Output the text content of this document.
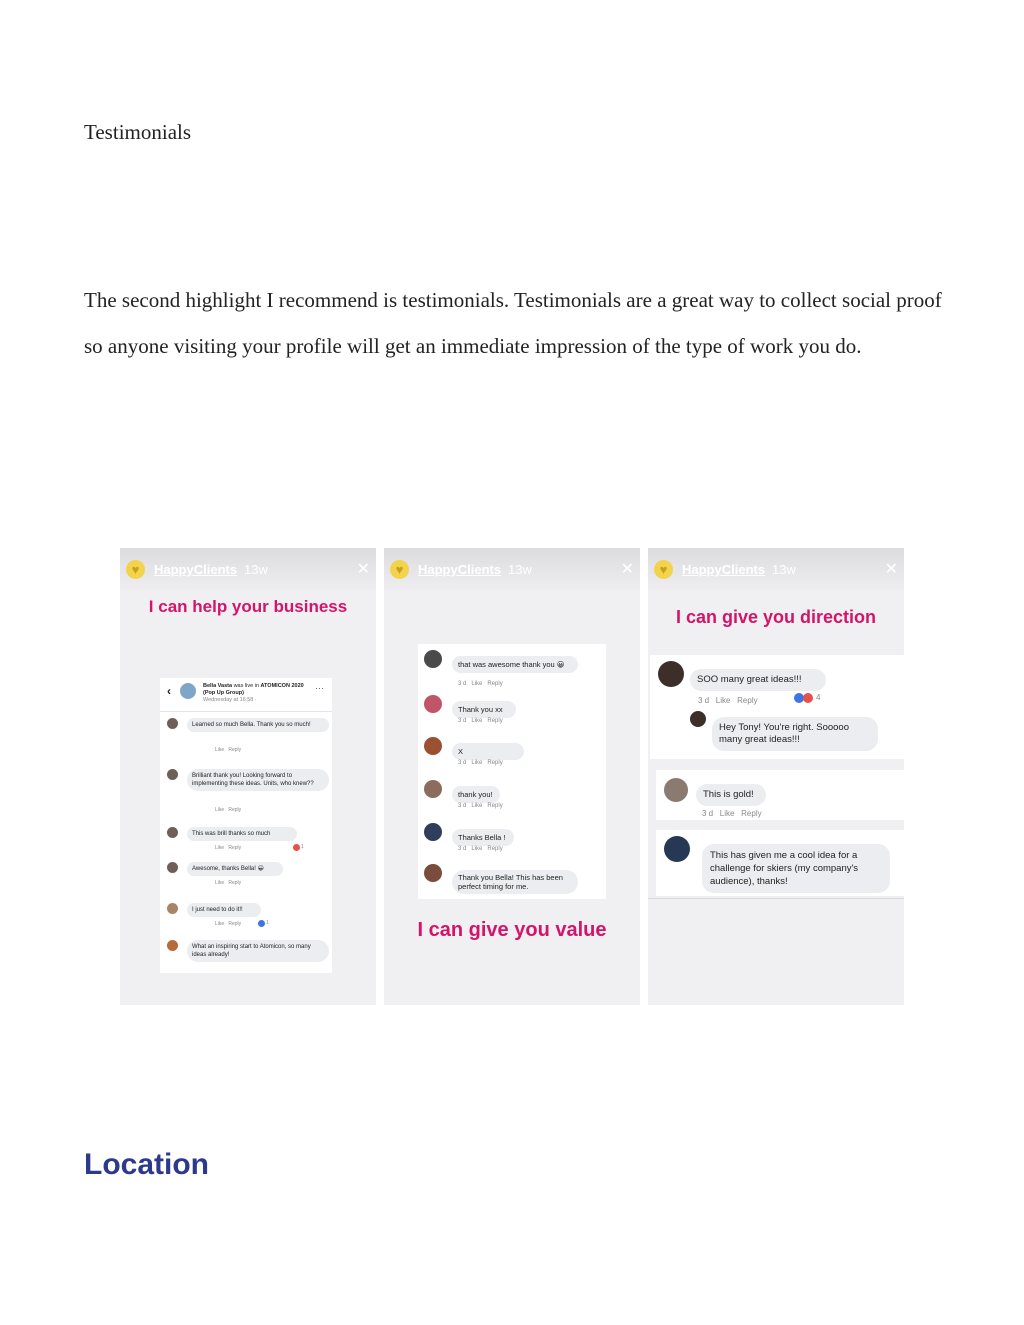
Testimonials

The second highlight I recommend is testimonials. Testimonials are a great way to collect social proof so anyone visiting your profile will get an immediate impression of the type of work you do.

♥	HappyClients 13w	✕
I can help your business
‹	Bella Vasta was live in ATOMICON 2020 (Pop Up Group)
Wednesday at 16:58 ·
···
Learned so much Bella. Thank you so much!
Like Reply
Brilliant thank you! Looking forward to implementing these ideas. Units, who knew??
Like Reply
This was brill thanks so much
Like Reply	1
Awesome, thanks Bella! 😀
Like Reply
I just need to do it!!
Like Reply	1
What an inspiring start to Atomicon, so many ideas already!
♥	HappyClients 13w	✕
that was awesome thank you 😀
3 d Like Reply
Thank you xx
3 d Like Reply
X
3 d Like Reply
thank you!
3 d Like Reply
Thanks Bella !
3 d Like Reply
Thank you Bella! This has been perfect timing for me.
I can give you value
♥	HappyClients 13w	✕
I can give you direction
SOO many great ideas!!!
3 d Like Reply	4
Hey Tony! You're right. Sooooo many great ideas!!!
This is gold!
3 d Like Reply
This has given me a cool idea for a challenge for skiers (my company's audience), thanks!
Location
